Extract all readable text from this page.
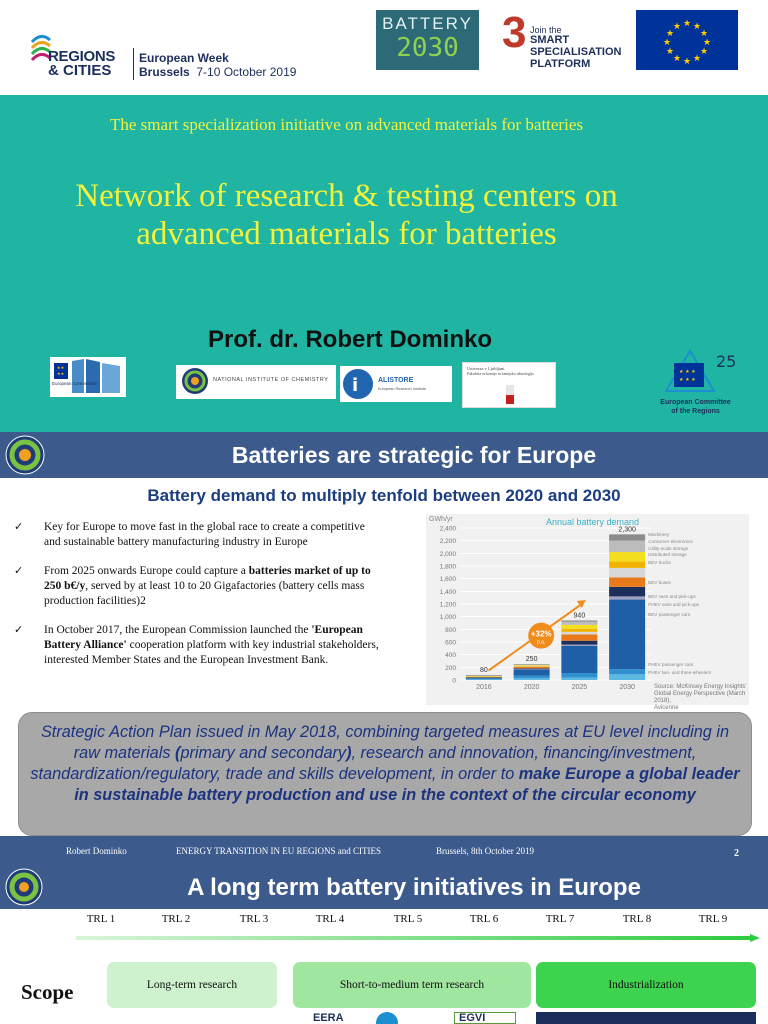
REGIONS
& CITIES
European Week
Brussels 7-10 October 2019
BATTERY
2030 3 Join the
SMART
SPECIALISATION
PLATFORM
★ ★
★
★
★
★
★
★
★
★
★
★
The smart specialization initiative on advanced materials for batteries
Network of research & testing centers on
advanced materials for batteries
Prof. dr. Robert Dominko
★★
★★
European Commission
NATIONAL INSTITUTE OF CHEMISTRY i	ALISTORE
European Research Institute
Univerza v Ljubljani
Fakulteta za kemijo in kemijsko tehnologijo	★ ★ ★
★ ★ ★
25
European Committee
of the Regions
Batteries are strategic for Europe
Battery demand to multiply tenfold between 2020 and 2030
✓ Key for Europe to move fast in the global race to create a competitive and sustainable battery manufacturing industry in Europe
✓ From 2025 onwards Europe could capture a batteries market of up to 250 b€/y, served by at least 10 to 20 Gigafactories (battery cells mass production facilities)2
✓ In October 2017, the European Commission launched the 'European Battery Alliance' cooperation platform with key industrial stakeholders, interested Member States and the European Investment Bank.
GWh/yr	Annual battery demand
0
200
400
600
800
1,000
1,200
1,400
1,600
1,800
2,000
2,200
2,400
80
2016
250
2020
940
2025
2,300
2030
+32%
p.a.
PHEV two- and three-wheelers
PHEV passenger cars
BEV passenger cars
PHEV vans and pick-ups
BEV vans and pick-ups
BEV buses
BEV trucks
Distributed storage
Utility-scale storage
Consumer electronics
Machinery
Source: McKinsey Energy Insights'
Global Energy Perspective (March 2018),
Avicenne
Strategic Action Plan issued in May 2018, combining targeted measures at EU level including in raw materials (primary and secondary), research and innovation, financing/investment, standardization/regulatory, trade and skills development, in order to make Europe a global leader in sustainable battery production and use in the context of the circular economy
Robert Dominko	ENERGY TRANSITION IN EU REGIONS and CITIES	Brussels, 8th October 2019	2
A long term battery initiatives in Europe
TRL 1	TRL 2	TRL 3	TRL 4	TRL 5	TRL 6	TRL 7	TRL 8	TRL 9
Scope	Long-term research	Short-to-medium term research	Industrialization
EERA	EGVI
